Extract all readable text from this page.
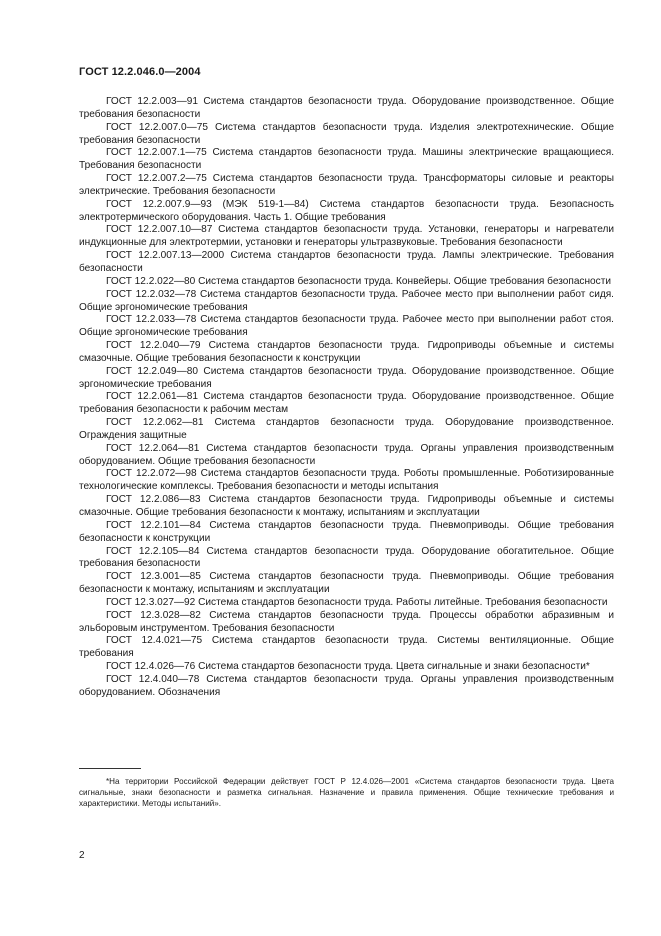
ГОСТ 12.2.046.0—2004

ГОСТ 12.2.003—91 Система стандартов безопасности труда. Оборудование производственное. Общие требования безопасности

ГОСТ 12.2.007.0—75 Система стандартов безопасности труда. Изделия электротехнические. Общие требования безопасности

ГОСТ 12.2.007.1—75 Система стандартов безопасности труда. Машины электрические вращающиеся. Требования безопасности

ГОСТ 12.2.007.2—75 Система стандартов безопасности труда. Трансформаторы силовые и реакторы электрические. Требования безопасности

ГОСТ 12.2.007.9—93 (МЭК 519-1—84) Система стандартов безопасности труда. Безопасность электротермического оборудования. Часть 1. Общие требования

ГОСТ 12.2.007.10—87 Система стандартов безопасности труда. Установки, генераторы и нагреватели индукционные для электротермии, установки и генераторы ультразвуковые. Требования безопасности

ГОСТ 12.2.007.13—2000 Система стандартов безопасности труда. Лампы электрические. Требования безопасности

ГОСТ 12.2.022—80 Система стандартов безопасности труда. Конвейеры. Общие требования безопасности

ГОСТ 12.2.032—78 Система стандартов безопасности труда. Рабочее место при выполнении работ сидя. Общие эргономические требования

ГОСТ 12.2.033—78 Система стандартов безопасности труда. Рабочее место при выполнении работ стоя. Общие эргономические требования

ГОСТ 12.2.040—79 Система стандартов безопасности труда. Гидроприводы объемные и системы смазочные. Общие требования безопасности к конструкции

ГОСТ 12.2.049—80 Система стандартов безопасности труда. Оборудование производственное. Общие эргономические требования

ГОСТ 12.2.061—81 Система стандартов безопасности труда. Оборудование производственное. Общие требования безопасности к рабочим местам

ГОСТ 12.2.062—81 Система стандартов безопасности труда. Оборудование производственное. Ограждения защитные

ГОСТ 12.2.064—81 Система стандартов безопасности труда. Органы управления производственным оборудованием. Общие требования безопасности

ГОСТ 12.2.072—98 Система стандартов безопасности труда. Роботы промышленные. Роботизированные технологические комплексы. Требования безопасности и методы испытания

ГОСТ 12.2.086—83 Система стандартов безопасности труда. Гидроприводы объемные и системы смазочные. Общие требования безопасности к монтажу, испытаниям и эксплуатации

ГОСТ 12.2.101—84 Система стандартов безопасности труда. Пневмоприводы. Общие требования безопасности к конструкции

ГОСТ 12.2.105—84 Система стандартов безопасности труда. Оборудование обогатительное. Общие требования безопасности

ГОСТ 12.3.001—85 Система стандартов безопасности труда. Пневмоприводы. Общие требования безопасности к монтажу, испытаниям и эксплуатации

ГОСТ 12.3.027—92 Система стандартов безопасности труда. Работы литейные. Требования безопасности

ГОСТ 12.3.028—82 Система стандартов безопасности труда. Процессы обработки абразивным и эльборовым инструментом. Требования безопасности

ГОСТ 12.4.021—75 Система стандартов безопасности труда. Системы вентиляционные. Общие требования

ГОСТ 12.4.026—76 Система стандартов безопасности труда. Цвета сигнальные и знаки безопасности*

ГОСТ 12.4.040—78 Система стандартов безопасности труда. Органы управления производственным оборудованием. Обозначения

*На территории Российской Федерации действует ГОСТ Р 12.4.026—2001 «Система стандартов безопасности труда. Цвета сигнальные, знаки безопасности и разметка сигнальная. Назначение и правила применения. Общие технические требования и характеристики. Методы испытаний».
2
